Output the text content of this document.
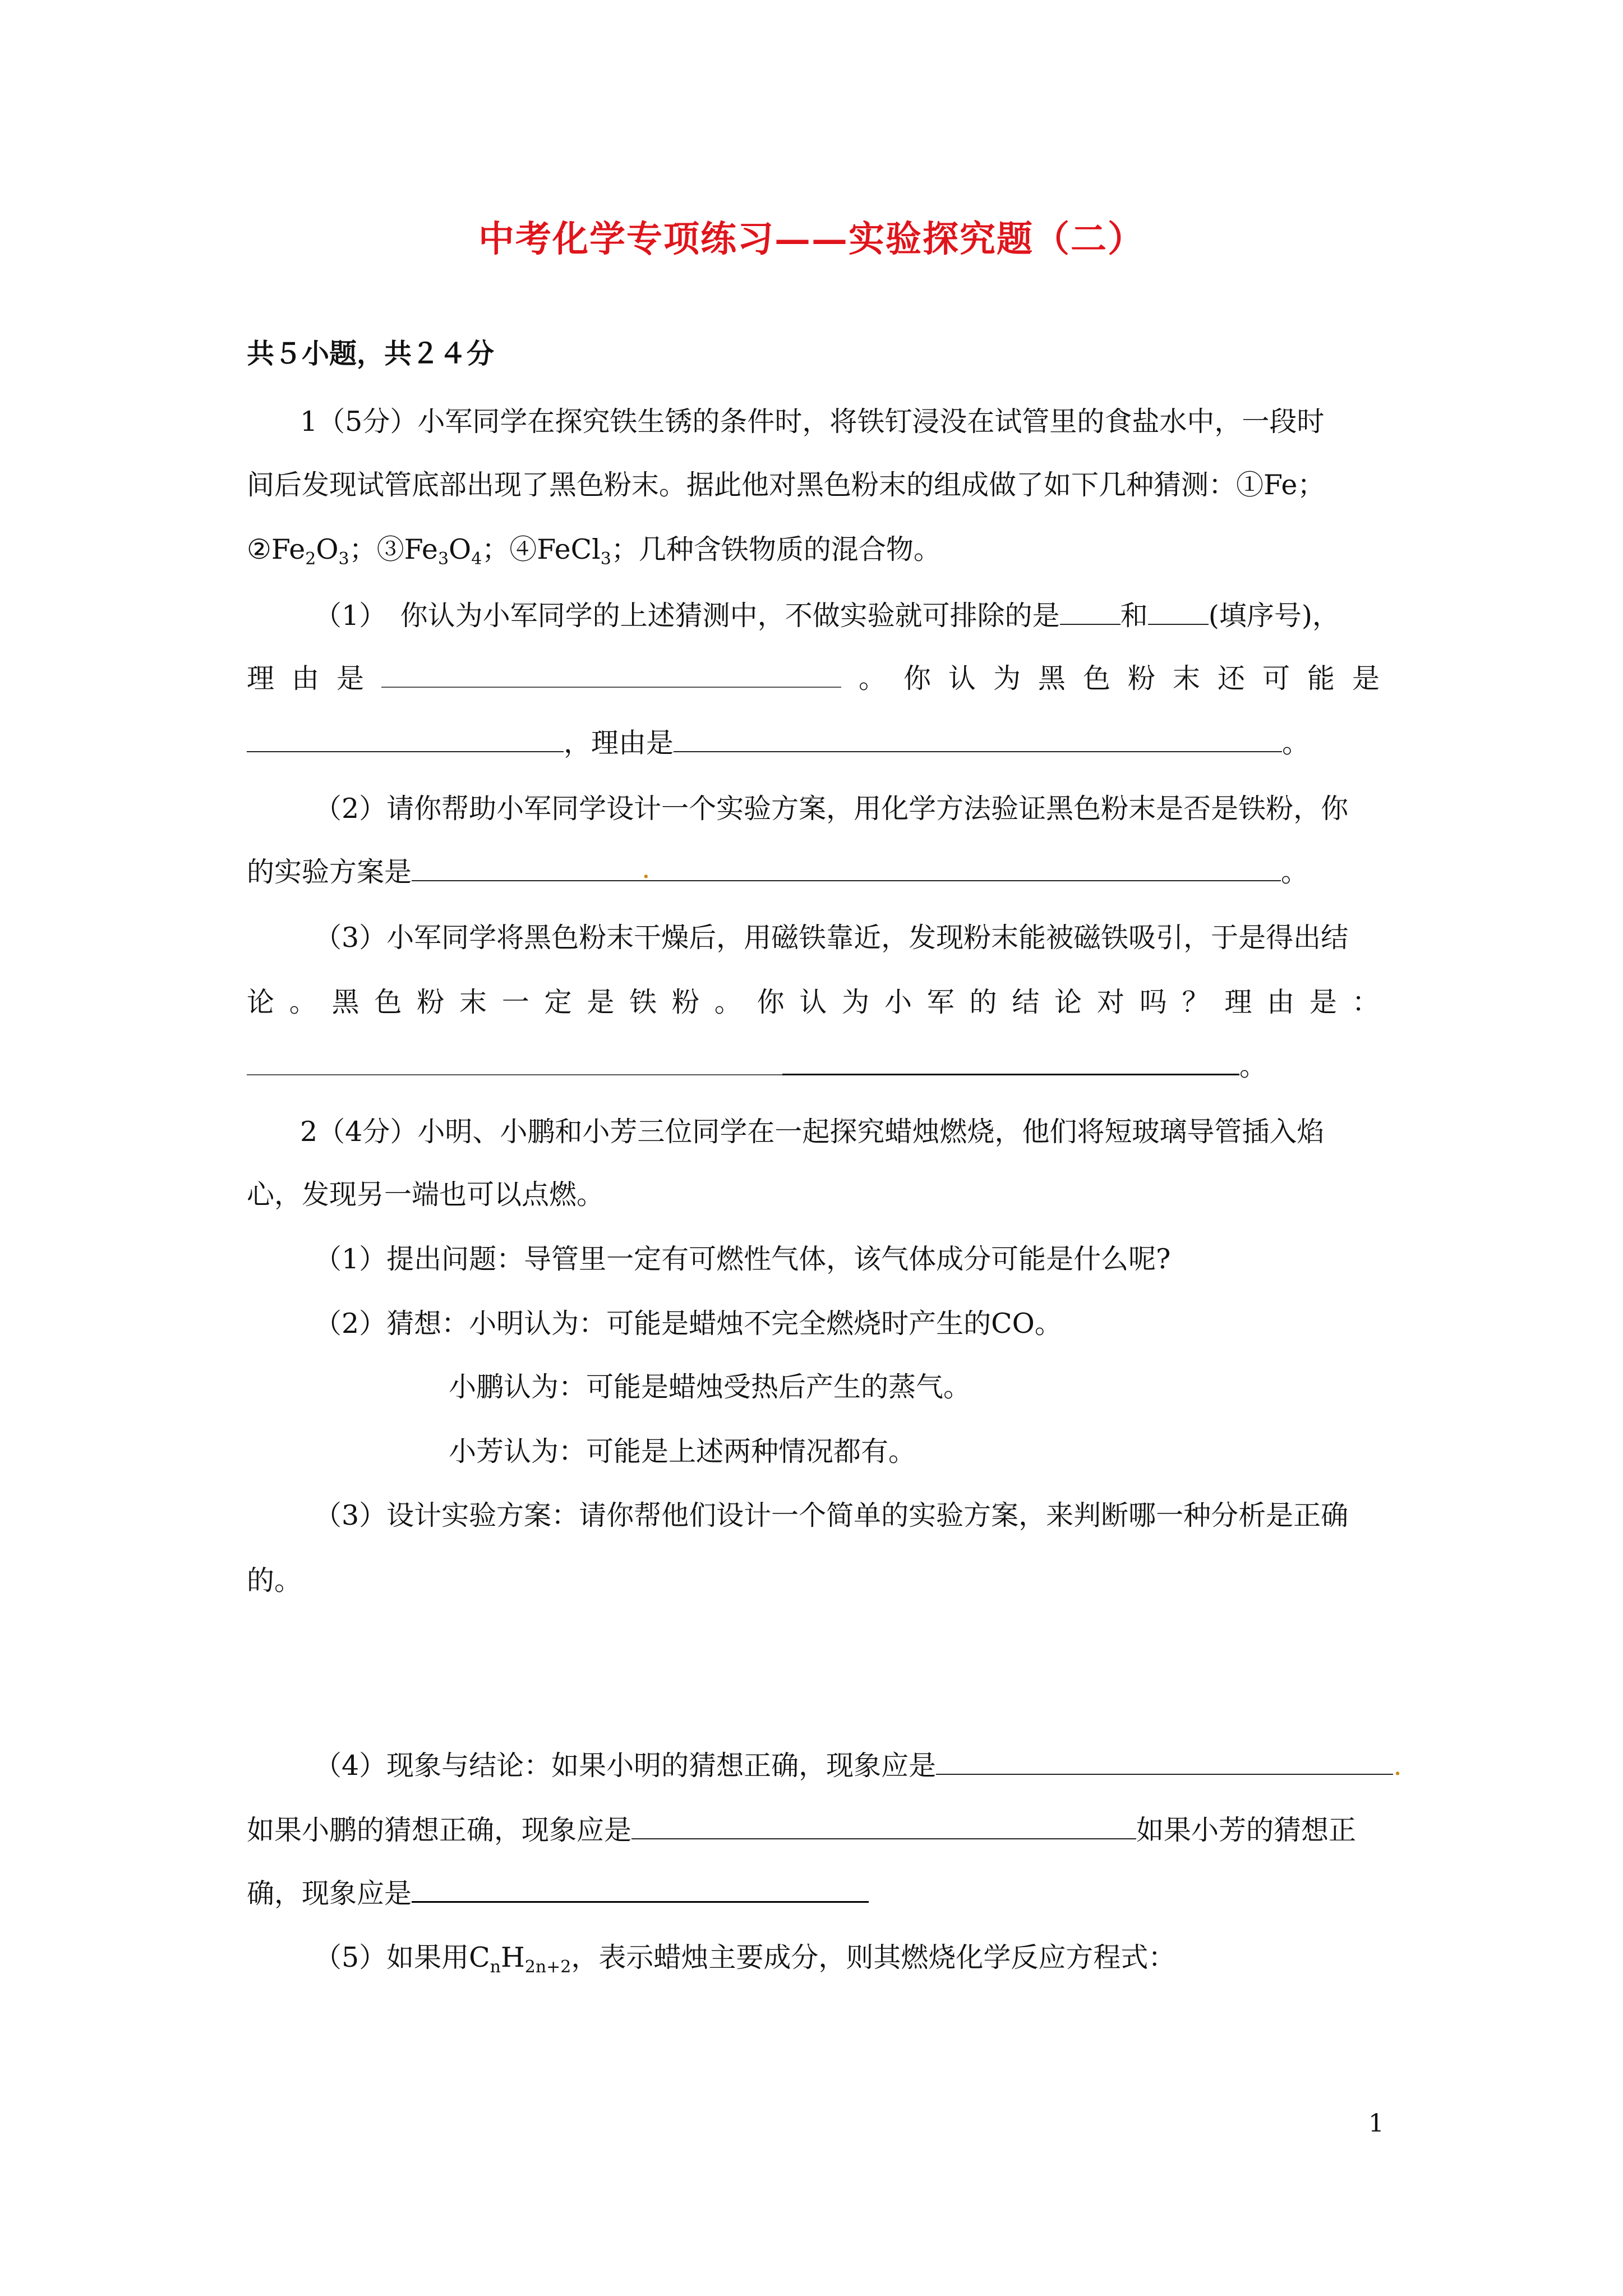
中考化学专项练习——实验探究题（二）
共５小题，共２４分
1（5分）小军同学在探究铁生锈的条件时，将铁钉浸没在试管里的食盐水中，一段时
间后发现试管底部出现了黑色粉末。据此他对黑色粉末的组成做了如下几种猜测：①Fe；
$②Fe_2O_3$；$③Fe_3O_4$；④FeCl$_3$；几种含铁物质的混合物。
（1）　你认为小军同学的上述猜测中，不做实验就可排除的是 和 (填序号)，
理 由 是	。 你 认 为 黑 色 粉 末 还 可 能 是
，理由是	。
（2）请你帮助小军同学设计一个实验方案，用化学方法验证黑色粉末是否是铁粉，你
的实验方案是	.	。
（3）小军同学将黑色粉末干燥后，用磁铁靠近，发现粉末能被磁铁吸引，于是得出结
论 。 黑 色 粉 末 一 定 是 铁 粉 。 你 认 为 小 军 的 结 论 对 吗 ？ 理 由 是 ：
。
2（4分）小明、小鹏和小芳三位同学在一起探究蜡烛燃烧，他们将短玻璃导管插入焰
心，发现另一端也可以点燃。
（1）提出问题：导管里一定有可燃性气体，该气体成分可能是什么呢?
（2）猜想：小明认为：可能是蜡烛不完全燃烧时产生的CO。
小鹏认为：可能是蜡烛受热后产生的蒸气。
小芳认为：可能是上述两种情况都有。
（3）设计实验方案：请你帮他们设计一个简单的实验方案，来判断哪一种分析是正确
的。
（4）现象与结论：如果小明的猜想正确，现象应是	.
如果小鹏的猜想正确，现象应是	如果小芳的猜想正
确，现象应是
（5）如果用$C_nH_{2n+2}$，表示蜡烛主要成分，则其燃烧化学反应方程式：
1
